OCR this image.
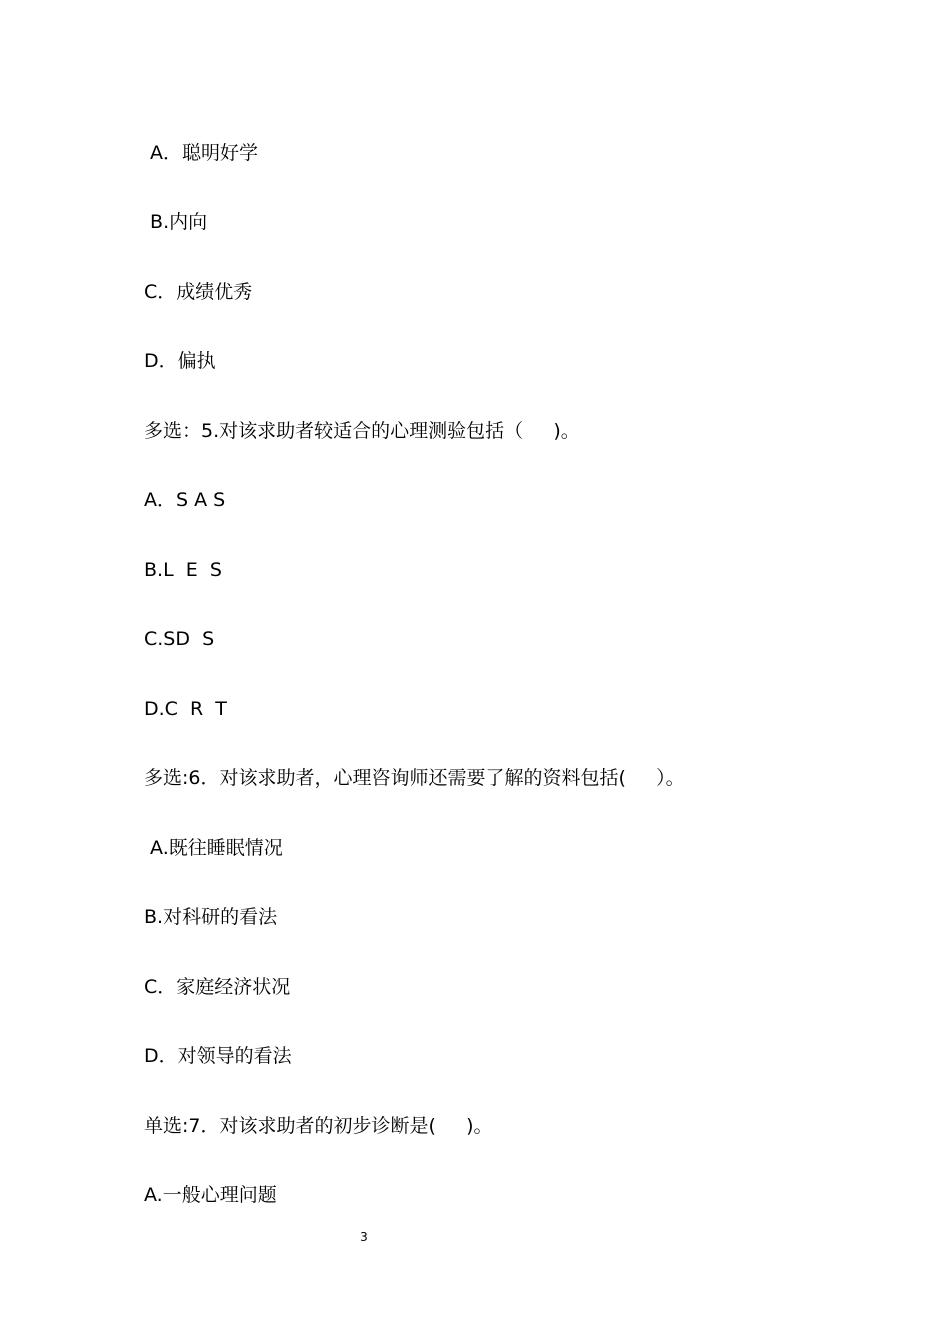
A．聪明好学
B.内向
C．成绩优秀
D．偏执
多选：5.对该求助者较适合的心理测验包括（     )。
A．S A S
B.L  E  S
C.SD  S
D.C  R  T
多选:6．对该求助者，心理咨询师还需要了解的资料包括(     ）。
A.既往睡眠情况
B.对科研的看法
C．家庭经济状况
D．对领导的看法
单选:7．对该求助者的初步诊断是(     )。
A.一般心理问题
3
